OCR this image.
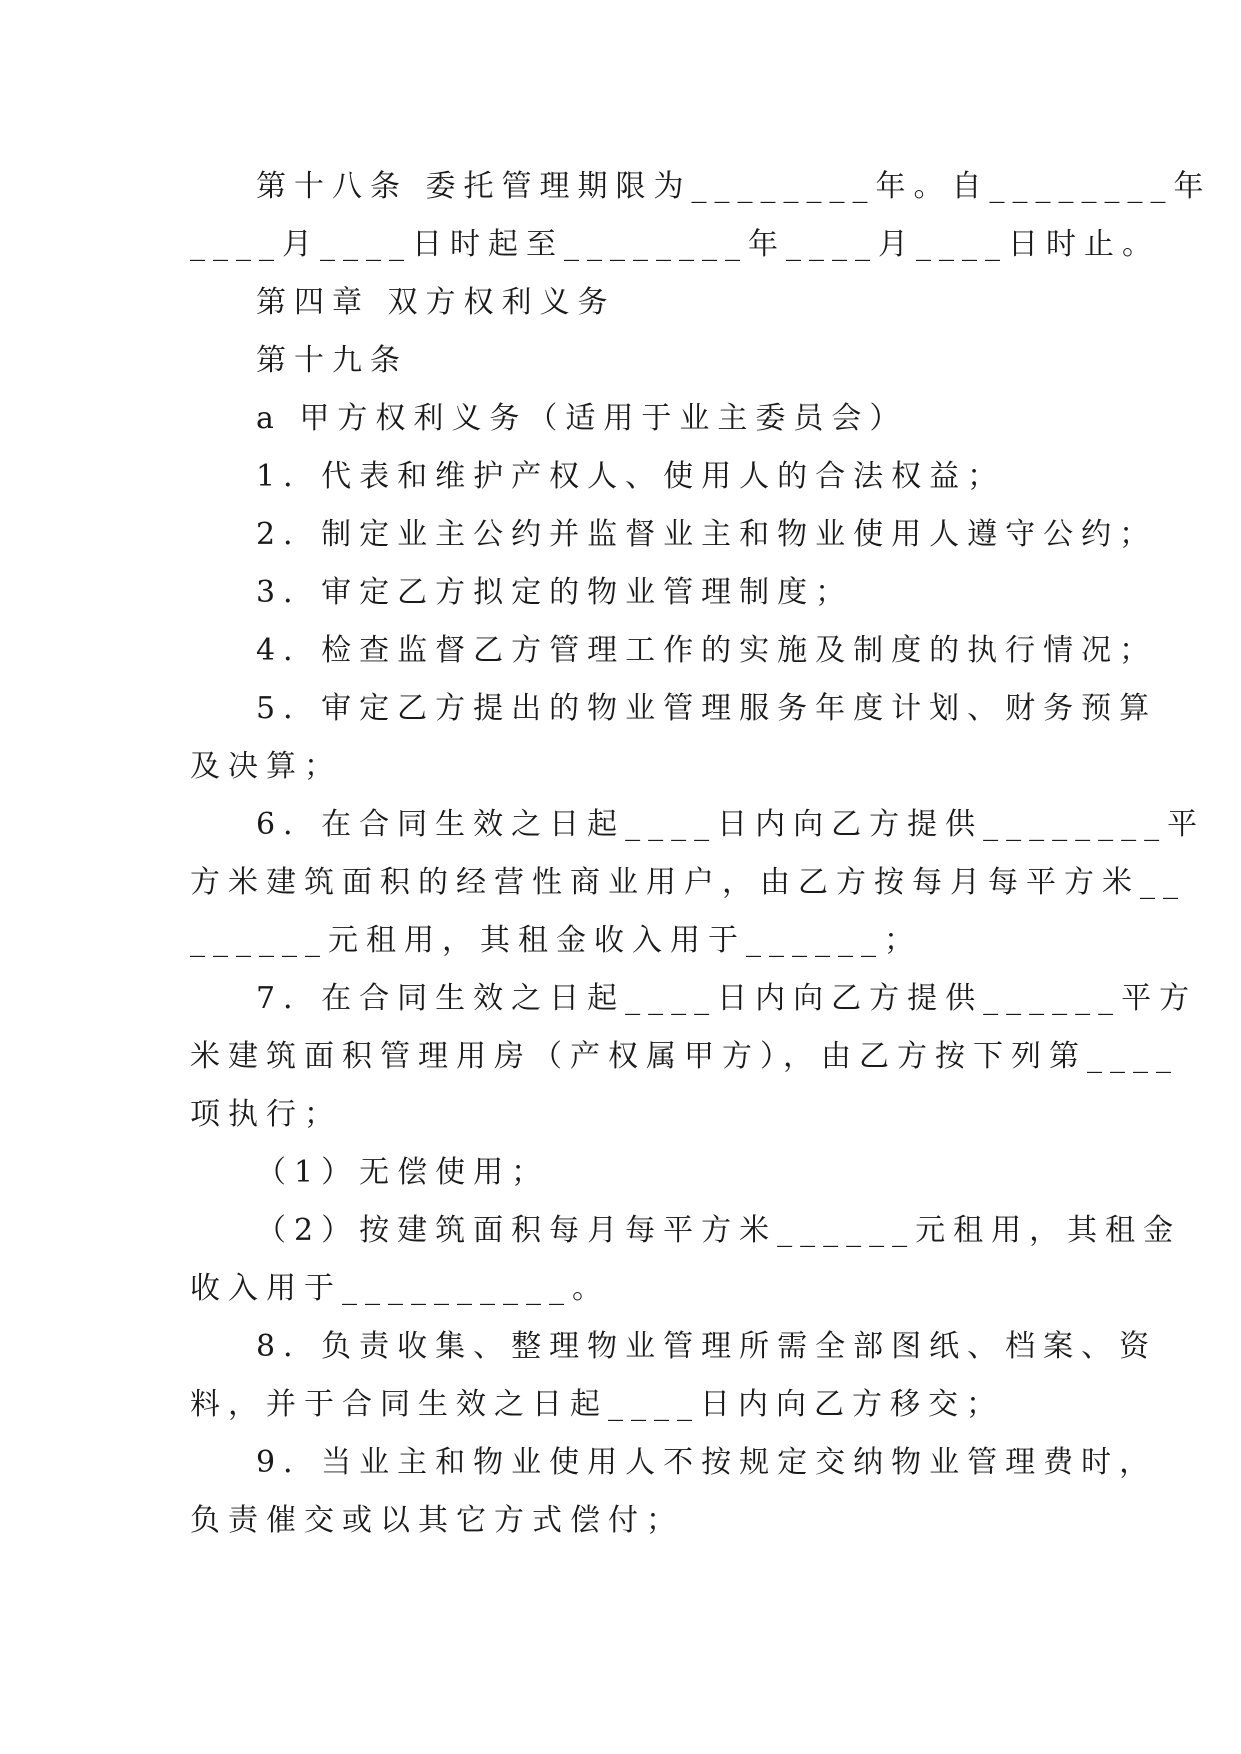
第十八条 委托管理期限为________年。自________年
____月____日时起至________年____月____日时止。
第四章 双方权利义务
第十九条
a 甲方权利义务（适用于业主委员会）
1．代表和维护产权人、使用人的合法权益；
2．制定业主公约并监督业主和物业使用人遵守公约；
3．审定乙方拟定的物业管理制度；
4．检查监督乙方管理工作的实施及制度的执行情况；
5．审定乙方提出的物业管理服务年度计划、财务预算
及决算；
6．在合同生效之日起____日内向乙方提供________平
方米建筑面积的经营性商业用户，由乙方按每月每平方米__
______元租用，其租金收入用于______；
7．在合同生效之日起____日内向乙方提供______平方
米建筑面积管理用房（产权属甲方），由乙方按下列第____
项执行；
（1）无偿使用；
（2）按建筑面积每月每平方米______元租用，其租金
收入用于__________。
8．负责收集、整理物业管理所需全部图纸、档案、资
料，并于合同生效之日起____日内向乙方移交；
9．当业主和物业使用人不按规定交纳物业管理费时，
负责催交或以其它方式偿付；
